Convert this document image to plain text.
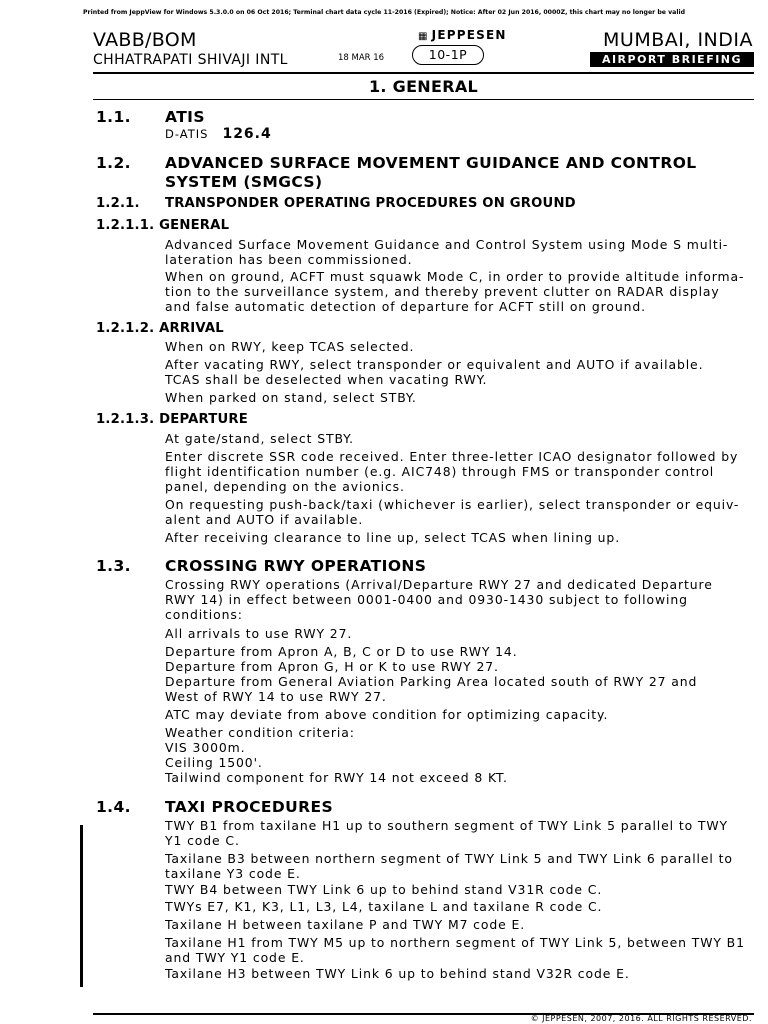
Printed from JeppView for Windows 5.3.0.0 on 06 Oct 2016; Terminal chart data cycle 11-2016 (Expired); Notice: After 02 Jun 2016, 0000Z, this chart may no longer be valid
VABB/BOM
CHHATRAPATI SHIVAJI INTL	18 MAR 16
▦ JEPPESEN
10-1P
MUMBAI, INDIA
AIRPORT BRIEFING
1. GENERAL
1.1. ATIS
D-ATIS 126.4
1.2. ADVANCED SURFACE MOVEMENT GUIDANCE AND CONTROL
SYSTEM (SMGCS)
1.2.1. TRANSPONDER OPERATING PROCEDURES ON GROUND
1.2.1.1. GENERAL
Advanced Surface Movement Guidance and Control System using Mode S multi-
lateration has been commissioned.
When on ground, ACFT must squawk Mode C, in order to provide altitude informa-
tion to the surveillance system, and thereby prevent clutter on RADAR display
and false automatic detection of departure for ACFT still on ground.
1.2.1.2. ARRIVAL
When on RWY, keep TCAS selected.
After vacating RWY, select transponder or equivalent and AUTO if available.
TCAS shall be deselected when vacating RWY.
When parked on stand, select STBY.
1.2.1.3. DEPARTURE
At gate/stand, select STBY.
Enter discrete SSR code received. Enter three-letter ICAO designator followed by
flight identification number (e.g. AIC748) through FMS or transponder control
panel, depending on the avionics.
On requesting push-back/taxi (whichever is earlier), select transponder or equiv-
alent and AUTO if available.
After receiving clearance to line up, select TCAS when lining up.
1.3. CROSSING RWY OPERATIONS
Crossing RWY operations (Arrival/Departure RWY 27 and dedicated Departure
RWY 14) in effect between 0001-0400 and 0930-1430 subject to following
conditions:
All arrivals to use RWY 27.
Departure from Apron A, B, C or D to use RWY 14.
Departure from Apron G, H or K to use RWY 27.
Departure from General Aviation Parking Area located south of RWY 27 and
West of RWY 14 to use RWY 27.
ATC may deviate from above condition for optimizing capacity.
Weather condition criteria:
VIS 3000m.
Ceiling 1500'.
Tailwind component for RWY 14 not exceed 8 KT.
1.4. TAXI PROCEDURES
TWY B1 from taxilane H1 up to southern segment of TWY Link 5 parallel to TWY
Y1 code C.
Taxilane B3 between northern segment of TWY Link 5 and TWY Link 6 parallel to
taxilane Y3 code E.
TWY B4 between TWY Link 6 up to behind stand V31R code C.
TWYs E7, K1, K3, L1, L3, L4, taxilane L and taxilane R code C.
Taxilane H between taxilane P and TWY M7 code E.
Taxilane H1 from TWY M5 up to northern segment of TWY Link 5, between TWY B1
and TWY Y1 code E.
Taxilane H3 between TWY Link 6 up to behind stand V32R code E.
© JEPPESEN, 2007, 2016. ALL RIGHTS RESERVED.
